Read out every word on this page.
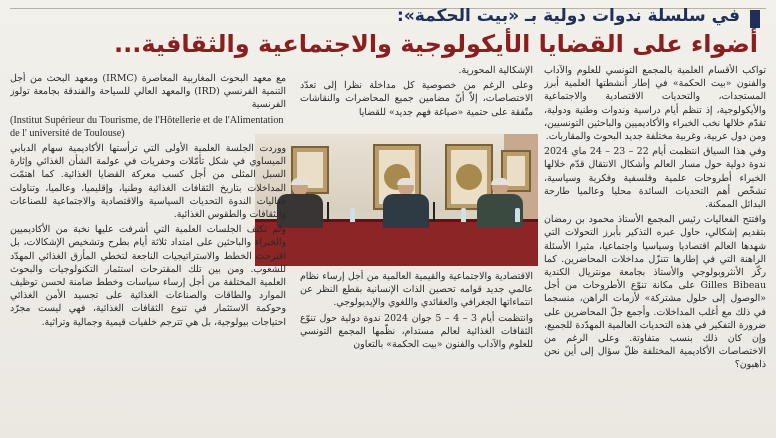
في سلسلة ندوات دولية بـ «بيت الحكمة»:
أضواء على القضايا الأيكولوجية والاجتماعية والثقافية...

تواكب الأقسام العلمية بالمجمع التونسي للعلوم والآداب والفنون «بيت الحكمة» في إطار أنشطتها العلمية أبرز المستجدات، والتحديات الاقتصادية والاجتماعية والأيكولوجية، إذ تنظم أيام دراسية وندوات وطنية ودولية، تقدّم خلالها نخب الخبراء والأكاديميين والباحثين التونسيين، ومن دول عربية، وغربية مختلفة جديد البحوث والمقاربات.

وفي هذا السياق انتظمت أيام 22 – 23 – 24 ماي 2024 ندوة دولية حول مسار العالم وأشكال الانتقال قدّم خلالها الخبراء أطروحات علمية وفلسفية وفكرية وسياسية، تشخّص أهم التحديات السائدة محليا وعالميا طارحة البدائل الممكنة.

وافتتح الفعاليات رئيس المجمع الأستاذ محمود بن رمضان بتقديم إشكالي، حاول عبره التذكير بأبرز التحولات التي شهدها العالم اقتصاديا وسياسيا واجتماعيا، مثيرا الأسئلة الراهنة التي في إطارها تتنزّل مداخلات المحاضرين. كما ركّز الأنثروبولوجي والأستاذ بجامعة مونتريال الكندية Gilles Bibeau على مكانة تنوّع الأطروحات من أجل «الوصول إلى حلول مشتركة» لأزمات الراهن، منسجما في ذلك مع أغلب المداخلات. وأجمع جلّ المحاضرين على ضرورة التفكير في هذه التحديات العالمية المهدّدة للجميع، وإن كان ذلك بنسب متفاوتة. وعلى الرغم من الاختصاصات الأكاديمية المختلفة ظلّ سؤال إلى أين نحن ذاهبون؟

الإشكالية المحورية.

وعلى الرغم من خصوصية كل مداخلة نظرا إلى تعدّد الاختصاصات، إلاّ أنّ مضامين جميع المحاضرات والنقاشات متّفقة على حتمية «صياغة فهم جديد» للقضايا

الاقتصادية والاجتماعية والقيمية العالمية من أجل إرساء نظام عالمي جديد قوامه تحصين الذات الإنسانية بقطع النظر عن انتماءاتها الجغرافي والعقائدي واللغوي والإيديولوجي.

وانتظمت أيام 3 – 4 – 5 جوان 2024 ندوة دولية حول تنوّع الثقافات الغذائية لعالم مستدام، نظّمها المجمع التونسي للعلوم والآداب والفنون «بيت الحكمة» بالتعاون

مع معهد البحوث المغاربية المعاصرة (IRMC) ومعهد البحث من أجل التنمية الفرنسي (IRD) والمعهد العالي للسياحة والفندقة بجامعة تولوز الفرنسية

(Institut Supérieur du Tourisme, de l'Hôtellerie et de l'Alimentation de l' université de Toulouse)

ووردت الجلسة العلمية الأولى التي ترأستها الأكاديمية سهام الدبابي الميساوي في شكل تأمّلات وحفريات في عولمة الشأن الغذائي وإثارة السبل المثلى من أجل كسب معركة القضايا الغذائية. كما اهتمّت المداخلات بتاريخ الثقافات الغذائية وطنيا، وإقليميا، وعالميا، وتناولت فعاليات الندوة التحديات السياسية والاقتصادية والاجتماعية للصناعات والثقافات والطقوس الغذائية.

ولم تكتف الجلسات العلمية التي أشرفت عليها نخبة من الأكاديميين والخبراء والباحثين على امتداد ثلاثة أيام بطرح وتشخيص الإشكالات، بل اقترحت الخطط والاستراتيجيات الناجعة لتخطي المأزق الغذائي المهدّد للشعوب. ومن بين تلك المقترحات استثمار التكنولوجيات والبحوث العلمية المختلفة من أجل إرساء سياسات وخطط ضامنة لحسن توظيف الموارد والطاقات والصناعات الغذائية على تجسيد الأمن الغذائي وحوكمة الاستثمار في تنوع الثقافات الغذائية، فهي ليست مجرّد احتياجات بيولوجية، بل هي تترجم خلفيات قيمية وجمالية وتراثية.
